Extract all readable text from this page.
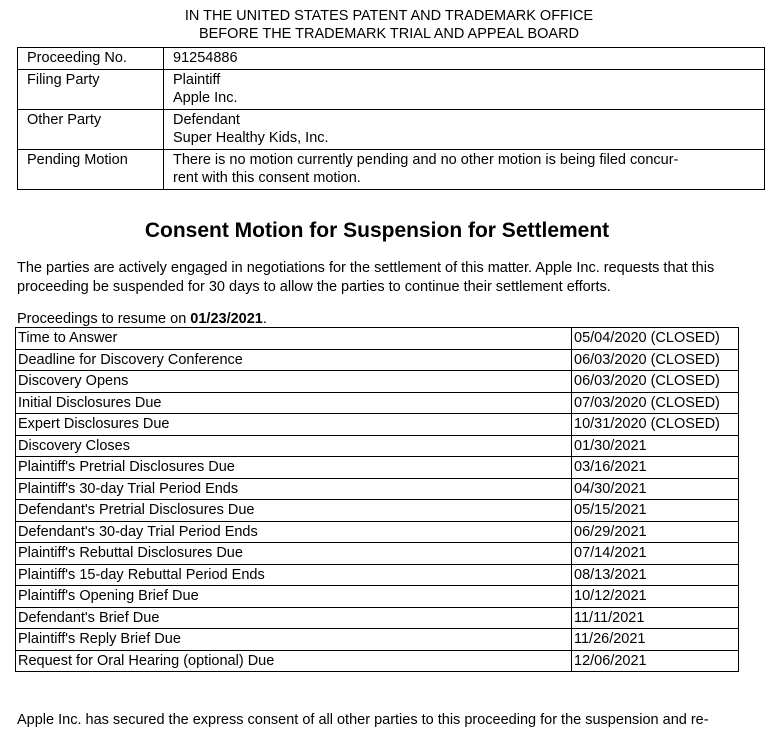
IN THE UNITED STATES PATENT AND TRADEMARK OFFICE
BEFORE THE TRADEMARK TRIAL AND APPEAL BOARD
Proceeding No.	91254886
Filing Party	Plaintiff
Apple Inc.

Other Party	Defendant
Super Healthy Kids, Inc.

Pending Motion	There is no motion currently pending and no other motion is being filed concur-
rent with this consent motion.
Consent Motion for Suspension for Settlement
The parties are actively engaged in negotiations for the settlement of this matter. Apple Inc. requests that this
proceeding be suspended for 30 days to allow the parties to continue their settlement efforts.
Proceedings to resume on 01/23/2021.
Time to Answer	05/04/2020 (CLOSED)
Deadline for Discovery Conference	06/03/2020 (CLOSED)
Discovery Opens	06/03/2020 (CLOSED)
Initial Disclosures Due	07/03/2020 (CLOSED)
Expert Disclosures Due	10/31/2020 (CLOSED)
Discovery Closes	01/30/2021
Plaintiff's Pretrial Disclosures Due	03/16/2021
Plaintiff's 30-day Trial Period Ends	04/30/2021
Defendant's Pretrial Disclosures Due	05/15/2021
Defendant's 30-day Trial Period Ends	06/29/2021
Plaintiff's Rebuttal Disclosures Due	07/14/2021
Plaintiff's 15-day Rebuttal Period Ends	08/13/2021
Plaintiff's Opening Brief Due	10/12/2021
Defendant's Brief Due	11/11/2021
Plaintiff's Reply Brief Due	11/26/2021
Request for Oral Hearing (optional) Due	12/06/2021
Apple Inc. has secured the express consent of all other parties to this proceeding for the suspension and re-
